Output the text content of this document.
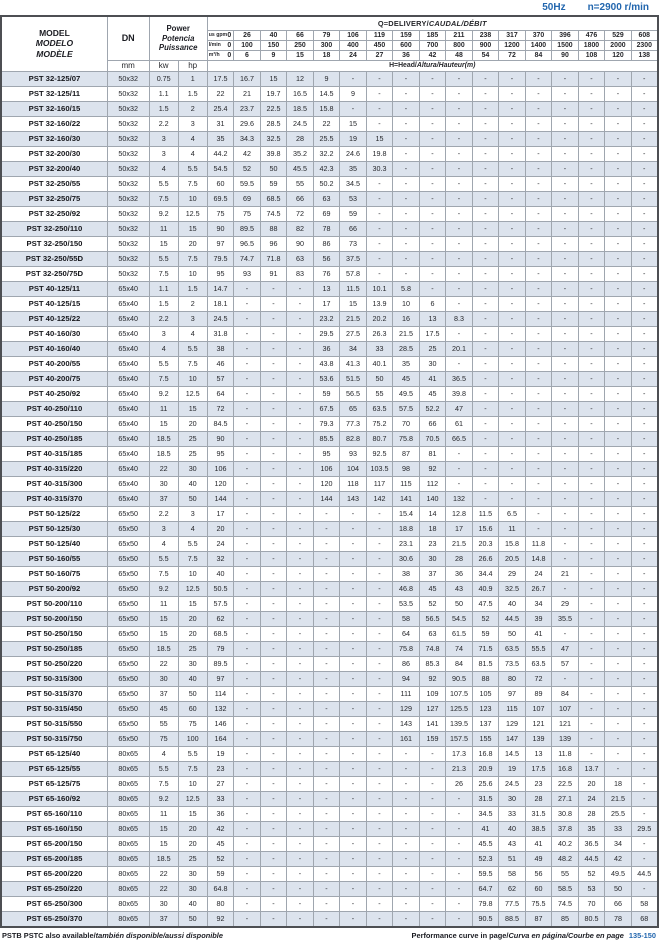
50Hz n=2900 r/min
MODEL
MODELO
MODÈLE
	DN	
Power
Potencia
Puissance
	Q=DELIVERY/CAUDAL/DÉBIT

				us gpm 0	26	40	66	79	106	119	159	185	211	238	317	370	396	476	529	608

				l/min 0	100	150	250	300	400	450	600	700	800	900	1200	1400	1500	1800	2000	2300

				m³/h 0	6	9	15	18	24	27	36	42	48	54	72	84	90	108	120	138
	mm	kw	hp	H=Head/Altura/Hauteur(m)																
PST 32-125/07	50x32	0.75	1	17.5	16.7	15	12	9	-	-	-	-	-	-	-	-	-	-	-	-
PST 32-125/11	50x32	1.1	1.5	22	21	19.7	16.5	14.5	9	-	-	-	-	-	-	-	-	-	-	-
PST 32-160/15	50x32	1.5	2	25.4	23.7	22.5	18.5	15.8	-	-	-	-	-	-	-	-	-	-	-	-
PST 32-160/22	50x32	2.2	3	31	29.6	28.5	24.5	22	15	-	-	-	-	-	-	-	-	-	-	-
PST 32-160/30	50x32	3	4	35	34.3	32.5	28	25.5	19	15	-	-	-	-	-	-	-	-	-	-
PST 32-200/30	50x32	3	4	44.2	42	39.8	35.2	32.2	24.6	19.8	-	-	-	-	-	-	-	-	-	-
PST 32-200/40	50x32	4	5.5	54.5	52	50	45.5	42.3	35	30.3	-	-	-	-	-	-	-	-	-	-
PST 32-250/55	50x32	5.5	7.5	60	59.5	59	55	50.2	34.5	-	-	-	-	-	-	-	-	-	-	-
PST 32-250/75	50x32	7.5	10	69.5	69	68.5	66	63	53	-	-	-	-	-	-	-	-	-	-	-
PST 32-250/92	50x32	9.2	12.5	75	75	74.5	72	69	59	-	-	-	-	-	-	-	-	-	-	-
PST 32-250/110	50x32	11	15	90	89.5	88	82	78	66	-	-	-	-	-	-	-	-	-	-	-
PST 32-250/150	50x32	15	20	97	96.5	96	90	86	73	-	-	-	-	-	-	-	-	-	-	-
PST 32-250/55D	50x32	5.5	7.5	79.5	74.7	71.8	63	56	37.5	-	-	-	-	-	-	-	-	-	-	-
PST 32-250/75D	50x32	7.5	10	95	93	91	83	76	57.8	-	-	-	-	-	-	-	-	-	-	-
PST 40-125/11	65x40	1.1	1.5	14.7	-	-	-	13	11.5	10.1	5.8	-	-	-	-	-	-	-	-	-
PST 40-125/15	65x40	1.5	2	18.1	-	-	-	17	15	13.9	10	6	-	-	-	-	-	-	-	-
PST 40-125/22	65x40	2.2	3	24.5	-	-	-	23.2	21.5	20.2	16	13	8.3	-	-	-	-	-	-	-
PST 40-160/30	65x40	3	4	31.8	-	-	-	29.5	27.5	26.3	21.5	17.5	-	-	-	-	-	-	-	-
PST 40-160/40	65x40	4	5.5	38	-	-	-	36	34	33	28.5	25	20.1	-	-	-	-	-	-	-
PST 40-200/55	65x40	5.5	7.5	46	-	-	-	43.8	41.3	40.1	35	30	-	-	-	-	-	-	-	-
PST 40-200/75	65x40	7.5	10	57	-	-	-	53.6	51.5	50	45	41	36.5	-	-	-	-	-	-	-
PST 40-250/92	65x40	9.2	12.5	64	-	-	-	59	56.5	55	49.5	45	39.8	-	-	-	-	-	-	-
PST 40-250/110	65x40	11	15	72	-	-	-	67.5	65	63.5	57.5	52.2	47	-	-	-	-	-	-	-
PST 40-250/150	65x40	15	20	84.5	-	-	-	79.3	77.3	75.2	70	66	61	-	-	-	-	-	-	-
PST 40-250/185	65x40	18.5	25	90	-	-	-	85.5	82.8	80.7	75.8	70.5	66.5	-	-	-	-	-	-	-
PST 40-315/185	65x40	18.5	25	95	-	-	-	95	93	92.5	87	81	-	-	-	-	-	-	-	-
PST 40-315/220	65x40	22	30	106	-	-	-	106	104	103.5	98	92	-	-	-	-	-	-	-	-
PST 40-315/300	65x40	30	40	120	-	-	-	120	118	117	115	112	-	-	-	-	-	-	-	-
PST 40-315/370	65x40	37	50	144	-	-	-	144	143	142	141	140	132	-	-	-	-	-	-	-
PST 50-125/22	65x50	2.2	3	17	-	-	-	-	-	-	15.4	14	12.8	11.5	6.5	-	-	-	-	-
PST 50-125/30	65x50	3	4	20	-	-	-	-	-	-	18.8	18	17	15.6	11	-	-	-	-	-
PST 50-125/40	65x50	4	5.5	24	-	-	-	-	-	-	23.1	23	21.5	20.3	15.8	11.8	-	-	-	-
PST 50-160/55	65x50	5.5	7.5	32	-	-	-	-	-	-	30.6	30	28	26.6	20.5	14.8	-	-	-	-
PST 50-160/75	65x50	7.5	10	40	-	-	-	-	-	-	38	37	36	34.4	29	24	21	-	-	-
PST 50-200/92	65x50	9.2	12.5	50.5	-	-	-	-	-	-	46.8	45	43	40.9	32.5	26.7	-	-	-	-
PST 50-200/110	65x50	11	15	57.5	-	-	-	-	-	-	53.5	52	50	47.5	40	34	29	-	-	-
PST 50-200/150	65x50	15	20	62	-	-	-	-	-	-	58	56.5	54.5	52	44.5	39	35.5	-	-	-
PST 50-250/150	65x50	15	20	68.5	-	-	-	-	-	-	64	63	61.5	59	50	41	-	-	-	-
PST 50-250/185	65x50	18.5	25	79	-	-	-	-	-	-	75.8	74.8	74	71.5	63.5	55.5	47	-	-	-
PST 50-250/220	65x50	22	30	89.5	-	-	-	-	-	-	86	85.3	84	81.5	73.5	63.5	57	-	-	-
PST 50-315/300	65x50	30	40	97	-	-	-	-	-	-	94	92	90.5	88	80	72	-	-	-	-
PST 50-315/370	65x50	37	50	114	-	-	-	-	-	-	111	109	107.5	105	97	89	84	-	-	-
PST 50-315/450	65x50	45	60	132	-	-	-	-	-	-	129	127	125.5	123	115	107	107	-	-	-
PST 50-315/550	65x50	55	75	146	-	-	-	-	-	-	143	141	139.5	137	129	121	121	-	-	-
PST 50-315/750	65x50	75	100	164	-	-	-	-	-	-	161	159	157.5	155	147	139	139	-	-	-
PST 65-125/40	80x65	4	5.5	19	-	-	-	-	-	-	-	-	17.3	16.8	14.5	13	11.8	-	-	-
PST 65-125/55	80x65	5.5	7.5	23	-	-	-	-	-	-	-	-	21.3	20.9	19	17.5	16.8	13.7	-	-
PST 65-125/75	80x65	7.5	10	27	-	-	-	-	-	-	-	-	26	25.6	24.5	23	22.5	20	18	-
PST 65-160/92	80x65	9.2	12.5	33	-	-	-	-	-	-	-	-	-	31.5	30	28	27.1	24	21.5	-
PST 65-160/110	80x65	11	15	36	-	-	-	-	-	-	-	-	-	34.5	33	31.5	30.8	28	25.5	-
PST 65-160/150	80x65	15	20	42	-	-	-	-	-	-	-	-	-	41	40	38.5	37.8	35	33	29.5
PST 65-200/150	80x65	15	20	45	-	-	-	-	-	-	-	-	-	45.5	43	41	40.2	36.5	34	-
PST 65-200/185	80x65	18.5	25	52	-	-	-	-	-	-	-	-	-	52.3	51	49	48.2	44.5	42	-
PST 65-200/220	80x65	22	30	59	-	-	-	-	-	-	-	-	-	59.5	58	56	55	52	49.5	44.5
PST 65-250/220	80x65	22	30	64.8	-	-	-	-	-	-	-	-	-	64.7	62	60	58.5	53	50	-
PST 65-250/300	80x65	30	40	80	-	-	-	-	-	-	-	-	-	79.8	77.5	75.5	74.5	70	66	58
PST 65-250/370	80x65	37	50	92	-	-	-	-	-	-	-	-	-	90.5	88.5	87	85	80.5	78	68
PSTB PSTC also available/también disponible/aussi disponible	Performance curve in page/Curva en página/Courbe en page 135-150
